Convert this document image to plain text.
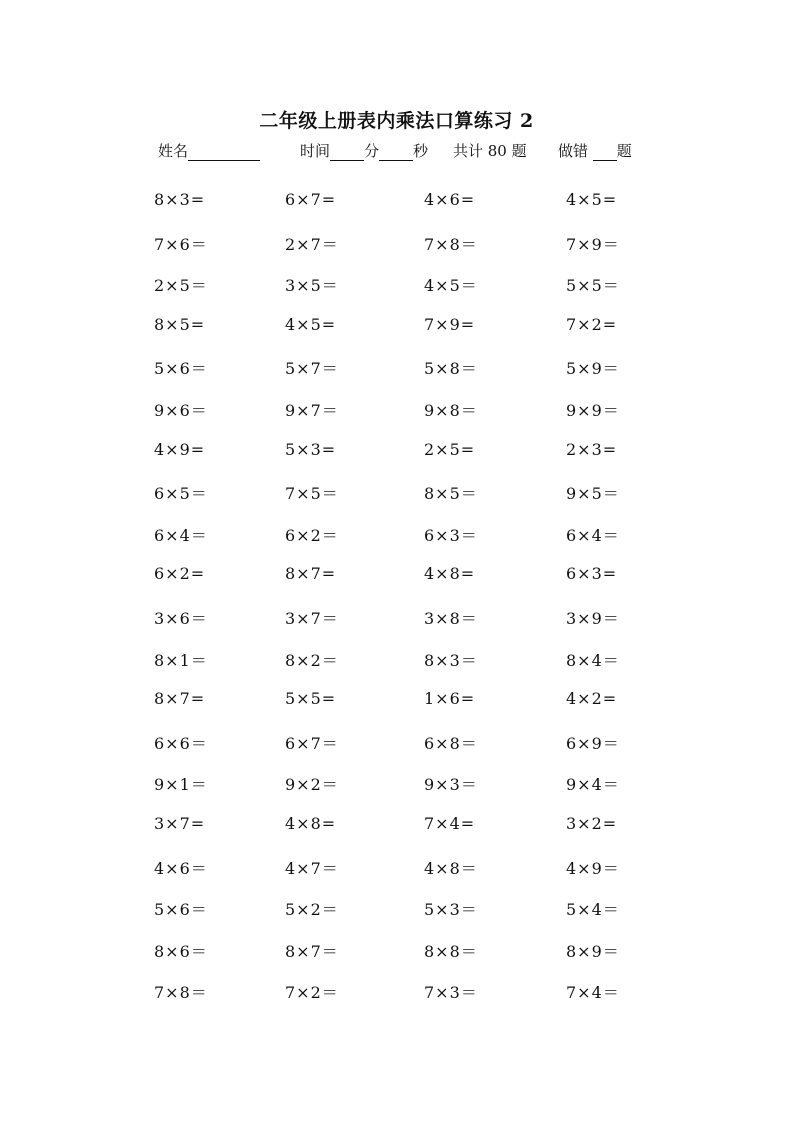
二年级上册表内乘法口算练习 2
姓名	时间 分 秒 共计 80 题 做错 题
8×3=	6×7=	4×6=	4×5=
7×6＝	2×7＝	7×8＝	7×9＝
2×5＝	3×5＝	4×5＝	5×5＝
8×5=	4×5=	7×9=	7×2=
5×6＝	5×7＝	5×8＝	5×9＝
9×6＝	9×7＝	9×8＝	9×9＝
4×9=	5×3=	2×5=	2×3=
6×5＝	7×5＝	8×5＝	9×5＝
6×4＝	6×2＝	6×3＝	6×4＝
6×2=	8×7=	4×8=	6×3=
3×6＝	3×7＝	3×8＝	3×9＝
8×1＝	8×2＝	8×3＝	8×4＝
8×7=	5×5=	1×6=	4×2=
6×6＝	6×7＝	6×8＝	6×9＝
9×1＝	9×2＝	9×3＝	9×4＝
3×7=	4×8=	7×4=	3×2=
4×6＝	4×7＝	4×8＝	4×9＝
5×6＝	5×2＝	5×3＝	5×4＝
8×6＝	8×7＝	8×8＝	8×9＝
7×8＝	7×2＝	7×3＝	7×4＝
